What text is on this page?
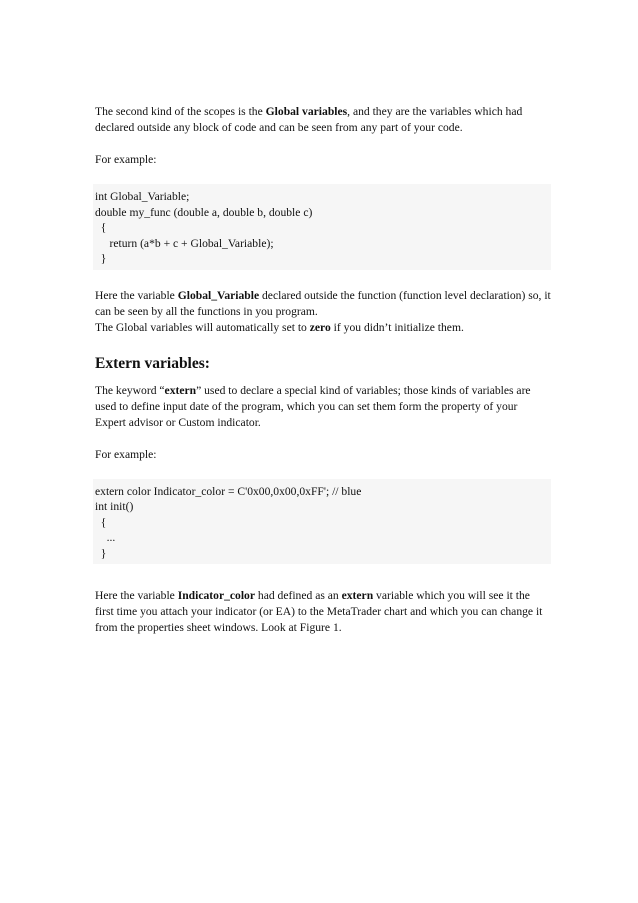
The second kind of the scopes is the Global variables, and they are the variables which had declared outside any block of code and can be seen from any part of your code.

For example:

int Global_Variable;
double my_func (double a, double b, double c)
{
return (a*b + c + Global_Variable);
}

Here the variable Global_Variable declared outside the function (function level declaration) so, it can be seen by all the functions in you program.

The Global variables will automatically set to zero if you didn’t initialize them.

Extern variables:

The keyword “extern” used to declare a special kind of variables; those kinds of variables are used to define input date of the program, which you can set them form the property of your Expert advisor or Custom indicator.

For example:

extern color Indicator_color = C'0x00,0x00,0xFF'; // blue
int init()
{
...
}

Here the variable Indicator_color had defined as an extern variable which you will see it the first time you attach your indicator (or EA) to the MetaTrader chart and which you can change it from the properties sheet windows. Look at Figure 1.
